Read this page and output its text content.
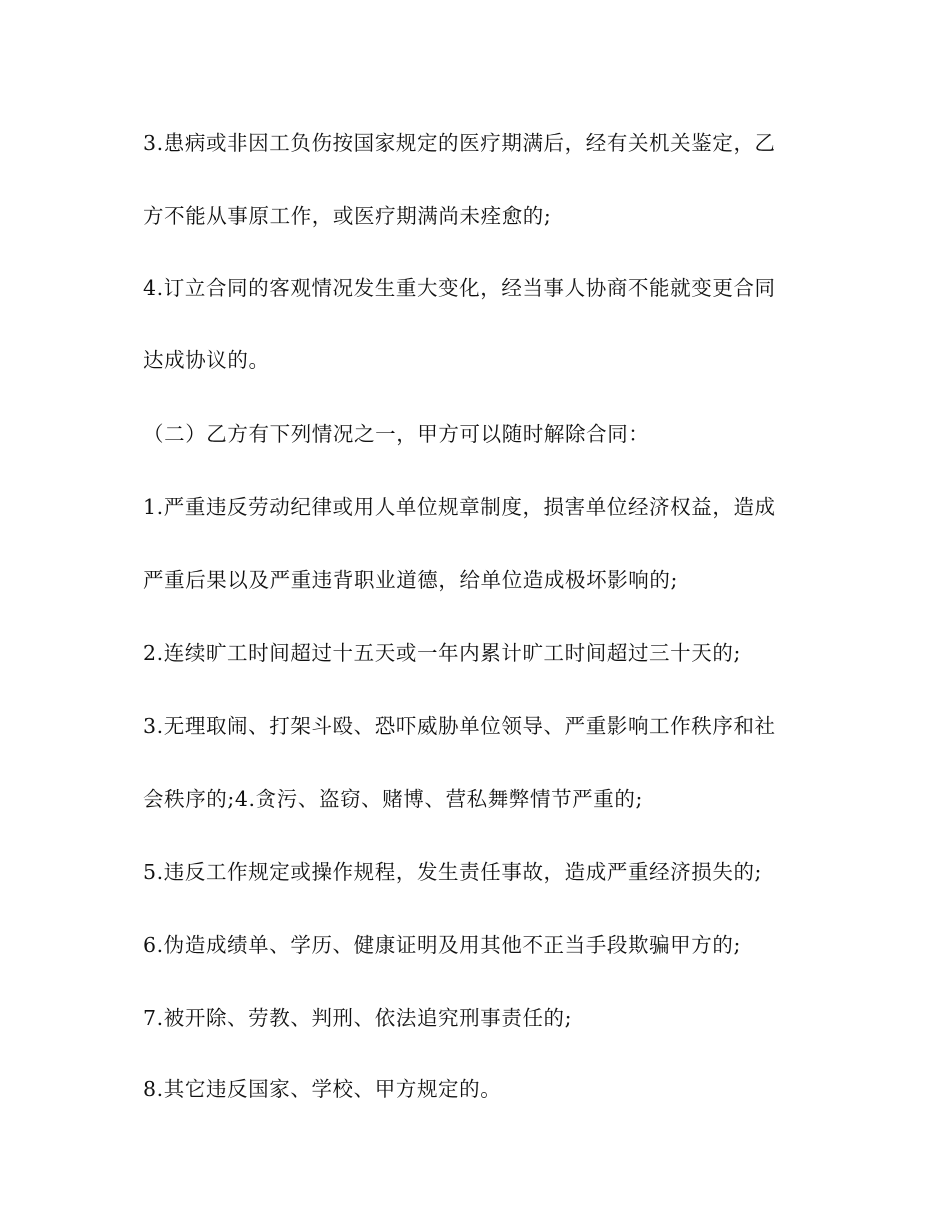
3.患病或非因工负伤按国家规定的医疗期满后，经有关机关鉴定，乙
方不能从事原工作，或医疗期满尚未痊愈的;
4.订立合同的客观情况发生重大变化，经当事人协商不能就变更合同
达成协议的。
（二）乙方有下列情况之一，甲方可以随时解除合同：
1.严重违反劳动纪律或用人单位规章制度，损害单位经济权益，造成
严重后果以及严重违背职业道德，给单位造成极坏影响的;
2.连续旷工时间超过十五天或一年内累计旷工时间超过三十天的;
3.无理取闹、打架斗殴、恐吓威胁单位领导、严重影响工作秩序和社
会秩序的;4.贪污、盗窃、赌博、营私舞弊情节严重的;
5.违反工作规定或操作规程，发生责任事故，造成严重经济损失的;
6.伪造成绩单、学历、健康证明及用其他不正当手段欺骗甲方的;
7.被开除、劳教、判刑、依法追究刑事责任的;
8.其它违反国家、学校、甲方规定的。
